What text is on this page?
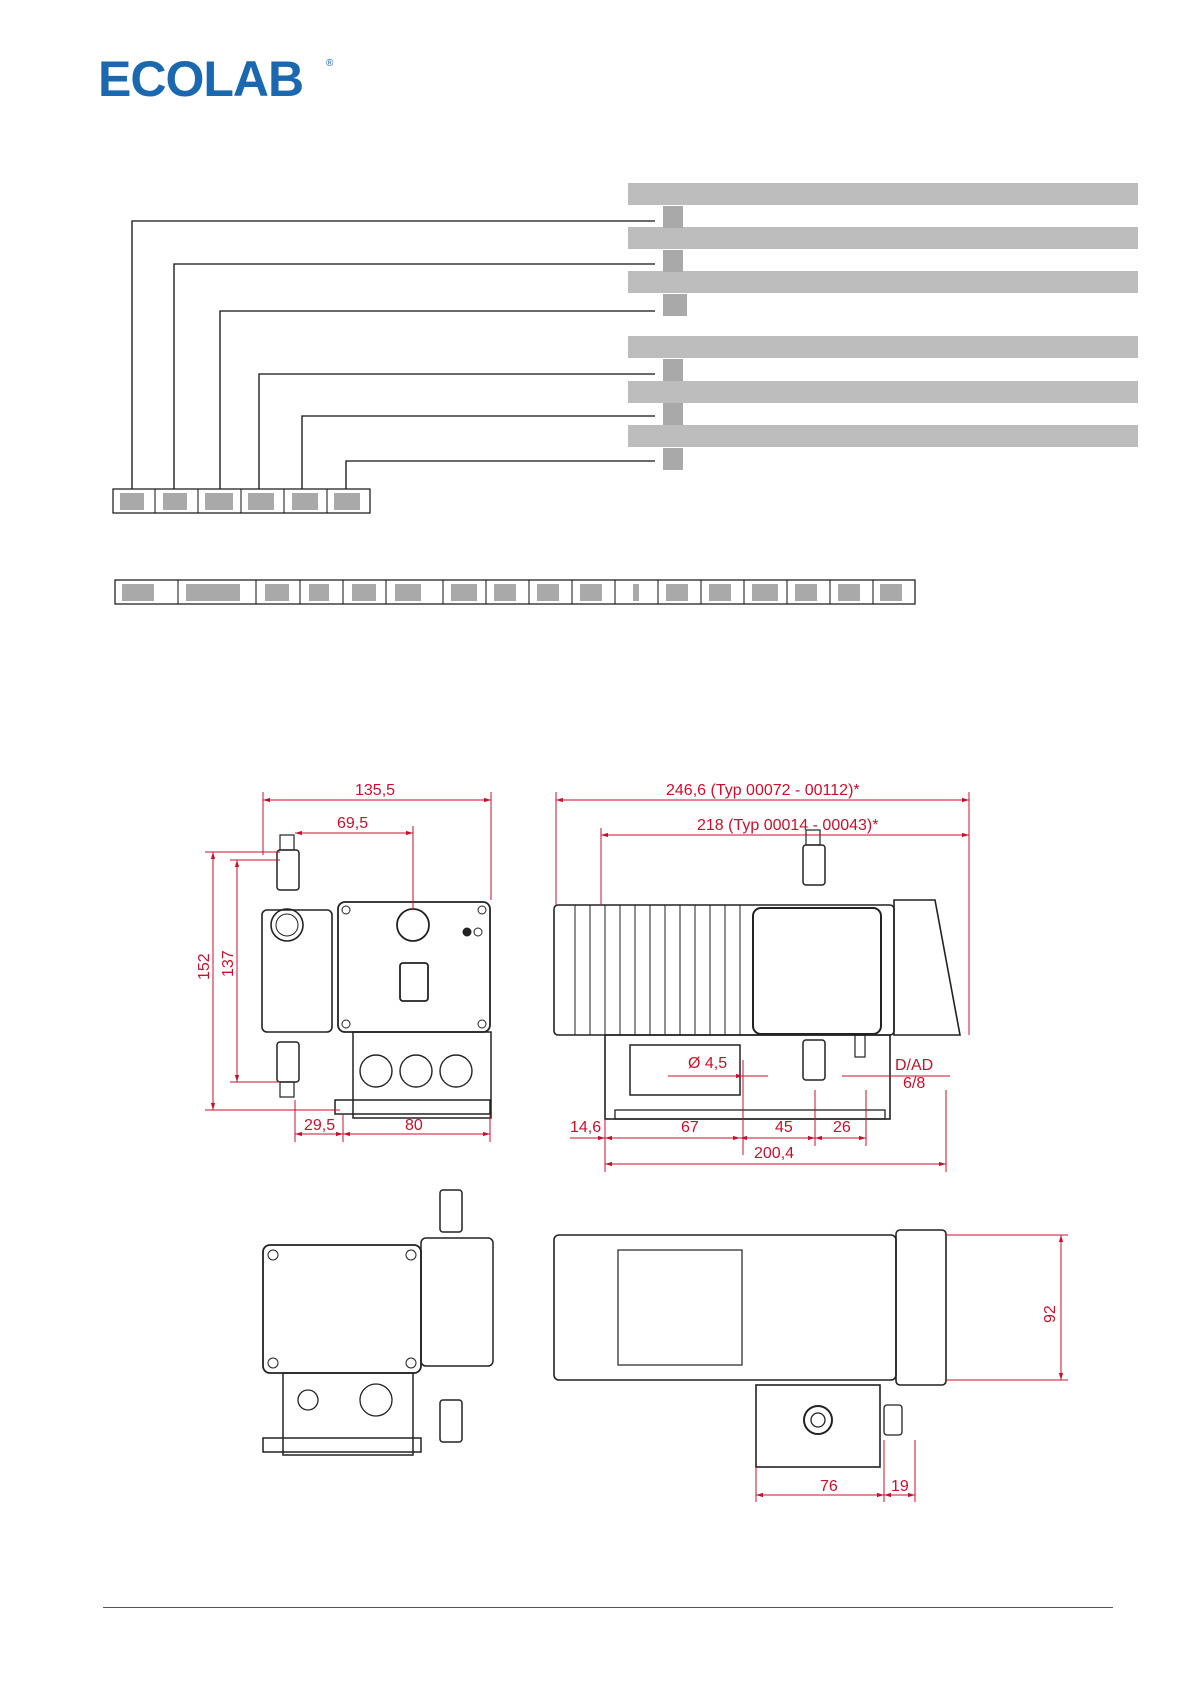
ECOLAB ®
135,5
69,5
152 137
29,5	80
246,6 (Typ 00072 - 00112)*
218 (Typ 00014 - 00043)*
Ø 4,5	D/AD
6/8
14,6	67	45	26
200,4
92
76	19
